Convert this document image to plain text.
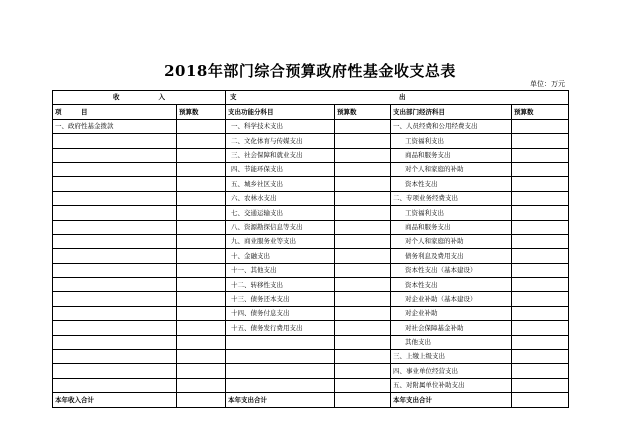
2018年部门综合预算政府性基金收支总表
单位：万元
收　　　　　　入		支 出			
项　　　目	预算数	支出功能分科目	预算数	支出部门经济科目	预算数
一、政府性基金拨款		一、科学技术支出		一、人员经费和公用经费支出	
		二、文化体育与传媒支出		工资福利支出	
		三、社会保障和就业支出		商品和服务支出	
		四、节能环保支出		对个人和家庭的补助	
		五、城乡社区支出		资本性支出	
		六、农林水支出		二、专项业务经费支出	
		七、交通运输支出		工资福利支出	
		八、资源勘探信息等支出		商品和服务支出	
		九、商业服务业等支出		对个人和家庭的补助	
		十、金融支出		债务利息及费用支出	
		十一、其他支出		资本性支出（基本建设）	
		十二、转移性支出		资本性支出	
		十三、债务还本支出		对企业补助（基本建设）	
		十四、债务付息支出		对企业补助	
		十五、债务发行费用支出		对社会保障基金补助	
				其他支出	
				三、上缴上级支出	
				四、事业单位经营支出	
				五、对附属单位补助支出	
本年收入合计		本年支出合计		本年支出合计	
